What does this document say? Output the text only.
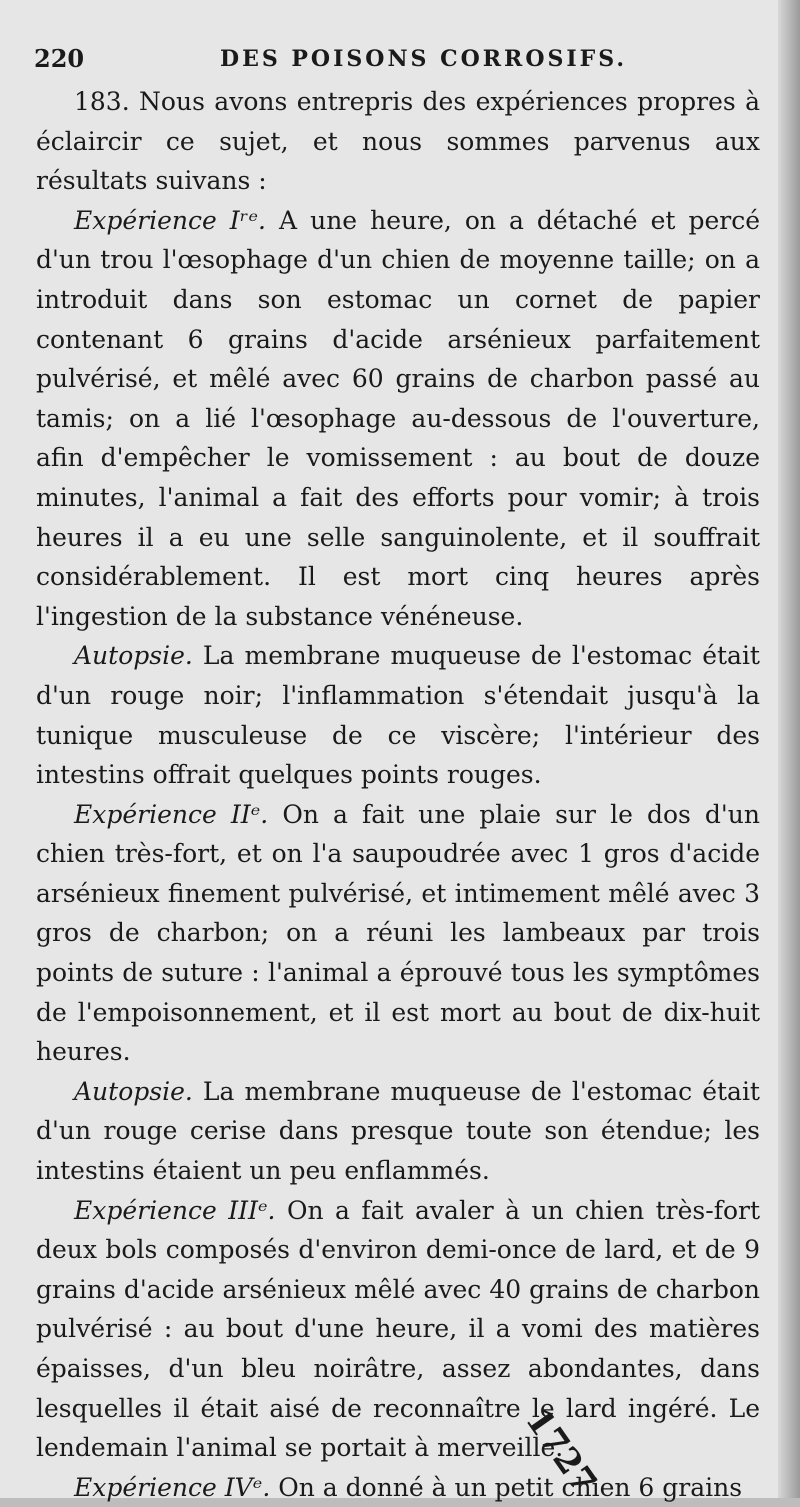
220	DES POISONS CORROSIFS.

183. Nous avons entrepris des expériences propres à éclaircir ce sujet, et nous sommes parvenus aux résultats suivans :

Expérience Iʳᵉ. A une heure, on a détaché et percé d'un trou l'œsophage d'un chien de moyenne taille; on a introduit dans son estomac un cornet de papier contenant 6 grains d'acide arsénieux parfaitement pulvérisé, et mêlé avec 60 grains de charbon passé au tamis; on a lié l'œsophage au-dessous de l'ouverture, afin d'empêcher le vomissement : au bout de douze minutes, l'animal a fait des efforts pour vomir; à trois heures il a eu une selle sanguinolente, et il souffrait considérablement. Il est mort cinq heures après l'ingestion de la substance vénéneuse.

Autopsie. La membrane muqueuse de l'estomac était d'un rouge noir; l'inflammation s'étendait jusqu'à la tunique musculeuse de ce viscère; l'intérieur des intestins offrait quelques points rouges.

Expérience IIᵉ. On a fait une plaie sur le dos d'un chien très-fort, et on l'a saupoudrée avec 1 gros d'acide arsénieux finement pulvérisé, et intimement mêlé avec 3 gros de charbon; on a réuni les lambeaux par trois points de suture : l'animal a éprouvé tous les symptômes de l'empoisonnement, et il est mort au bout de dix-huit heures.

Autopsie. La membrane muqueuse de l'estomac était d'un rouge cerise dans presque toute son étendue; les intestins étaient un peu enflammés.

Expérience IIIᵉ. On a fait avaler à un chien très-fort deux bols composés d'environ demi-once de lard, et de 9 grains d'acide arsénieux mêlé avec 40 grains de charbon pulvérisé : au bout d'une heure, il a vomi des matières épaisses, d'un bleu noirâtre, assez abondantes, dans lesquelles il était aisé de reconnaître le lard ingéré. Le lendemain l'animal se portait à merveille.

Expérience IVᵉ. On a donné à un petit chien 6 grains

1727
